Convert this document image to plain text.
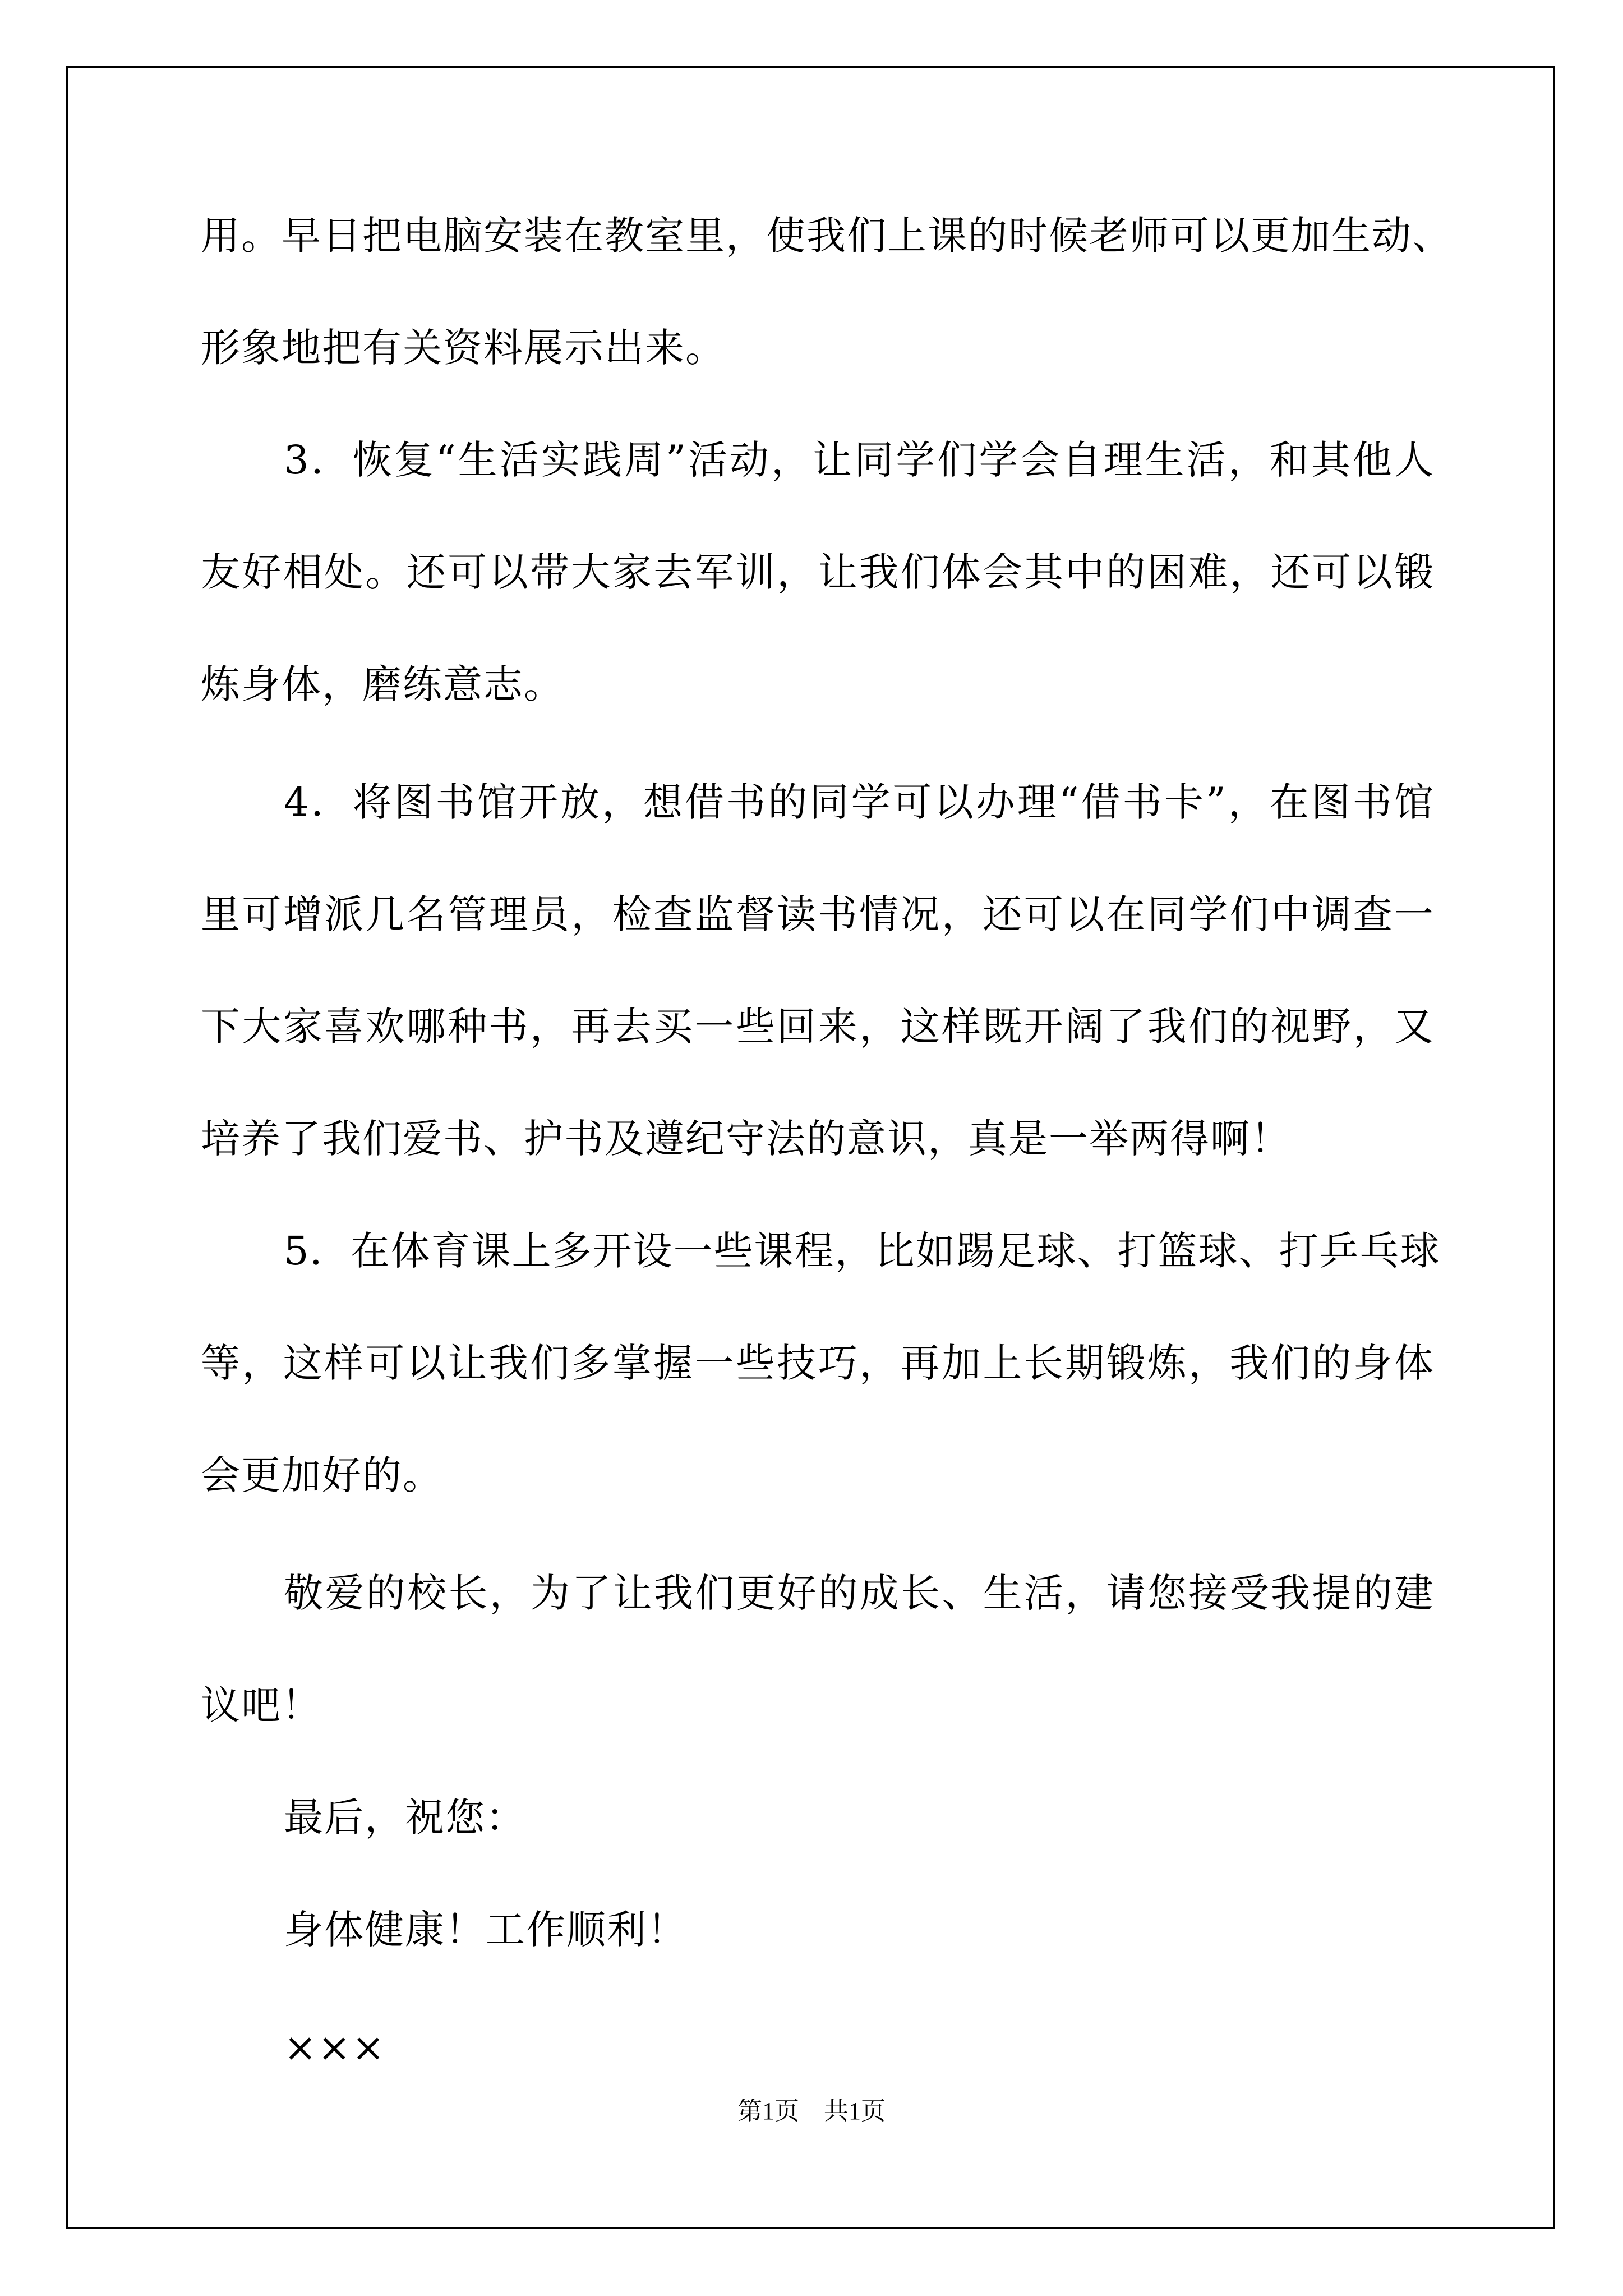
用。早日把电脑安装在教室里，使我们上课的时候老师可以更加生动、
形象地把有关资料展示出来。
3．恢复“生活实践周”活动，让同学们学会自理生活，和其他人
友好相处。还可以带大家去军训，让我们体会其中的困难，还可以锻
炼身体，磨练意志。
4．将图书馆开放，想借书的同学可以办理“借书卡”，在图书馆
里可增派几名管理员，检查监督读书情况，还可以在同学们中调查一
下大家喜欢哪种书，再去买一些回来，这样既开阔了我们的视野，又
培养了我们爱书、护书及遵纪守法的意识，真是一举两得啊！
5．在体育课上多开设一些课程，比如踢足球、打篮球、打乒乓球
等，这样可以让我们多掌握一些技巧，再加上长期锻炼，我们的身体
会更加好的。
敬爱的校长，为了让我们更好的成长、生活，请您接受我提的建
议吧！
最后，祝您：
身体健康！工作顺利！
×××
第1页 共1页
